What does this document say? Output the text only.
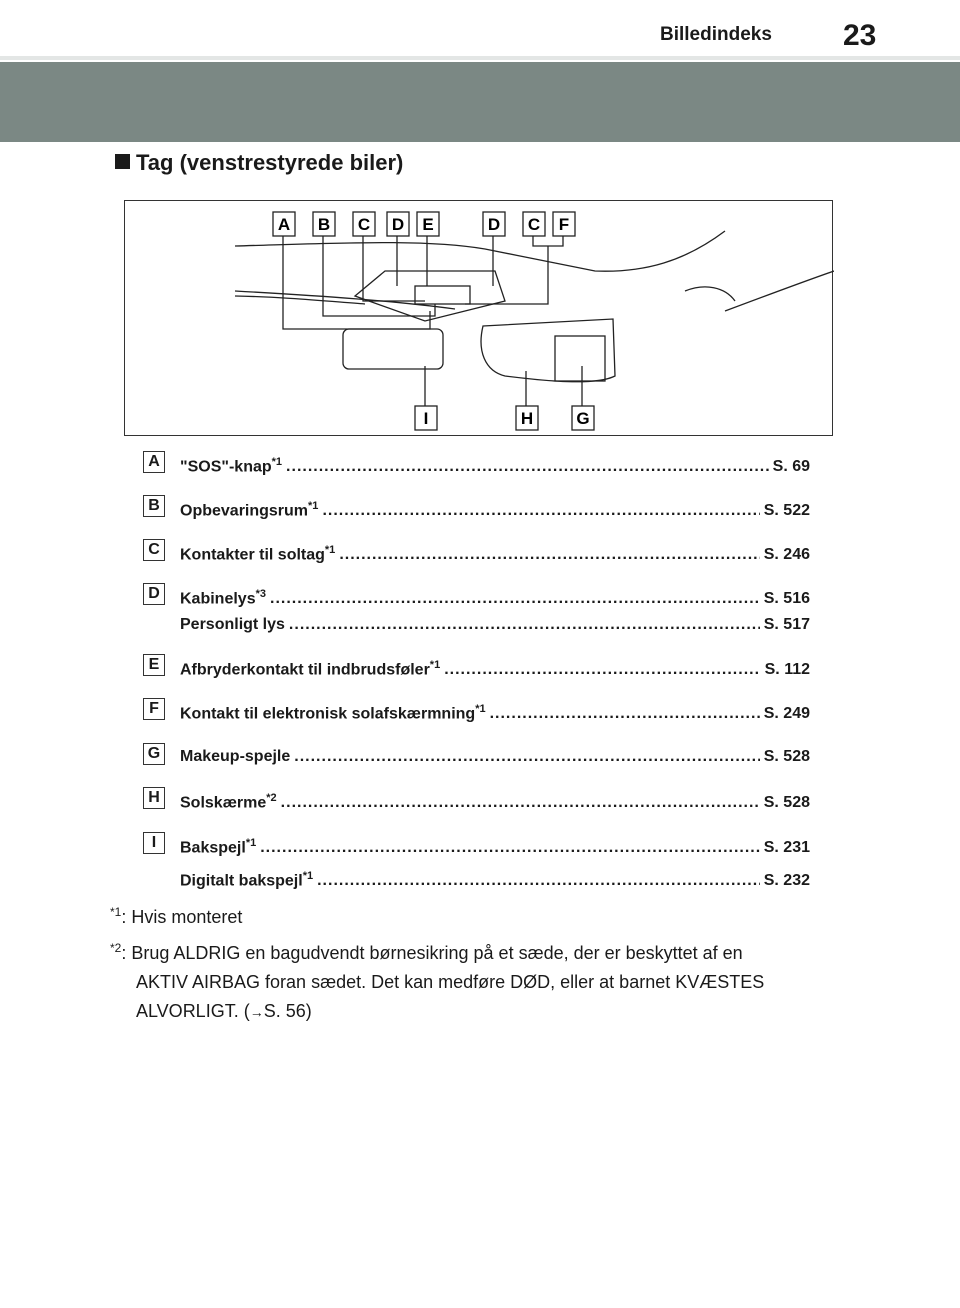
Billedindeks 23
Tag (venstrestyrede biler)
A B C D E	D C F
I	H	G
A	"SOS"-knap$^{*1}$ .....	S. 69
B	Opbevaringsrum$^{*1}$ .....	S. 522
C	Kontakter til soltag$^{*1}$ .....	S. 246
D	Kabinelys$^{*3}$ .....	S. 516
Personligt lys .....	S. 517
E	Afbryderkontakt til indbrudsføler$^{*1}$ .....	S. 112
F	Kontakt til elektronisk solafskærmning$^{*1}$ .....	S. 249
G Makeup-spejle .....	S. 528
H	Solskærme$^{*2}$ .....	S. 528
I	Bakspejl$^{*1}$ .....	S. 231
Digitalt bakspejl$^{*1}$ .....	S. 232
$^{*1}$: Hvis monteret
$^{*2}$: Brug ALDRIG en bagudvendt børnesikring på et sæde, der er beskyttet af en
AKTIV AIRBAG foran sædet. Det kan medføre DØD, eller at barnet KVÆSTES
ALVORLIGT. (→S. 56)
